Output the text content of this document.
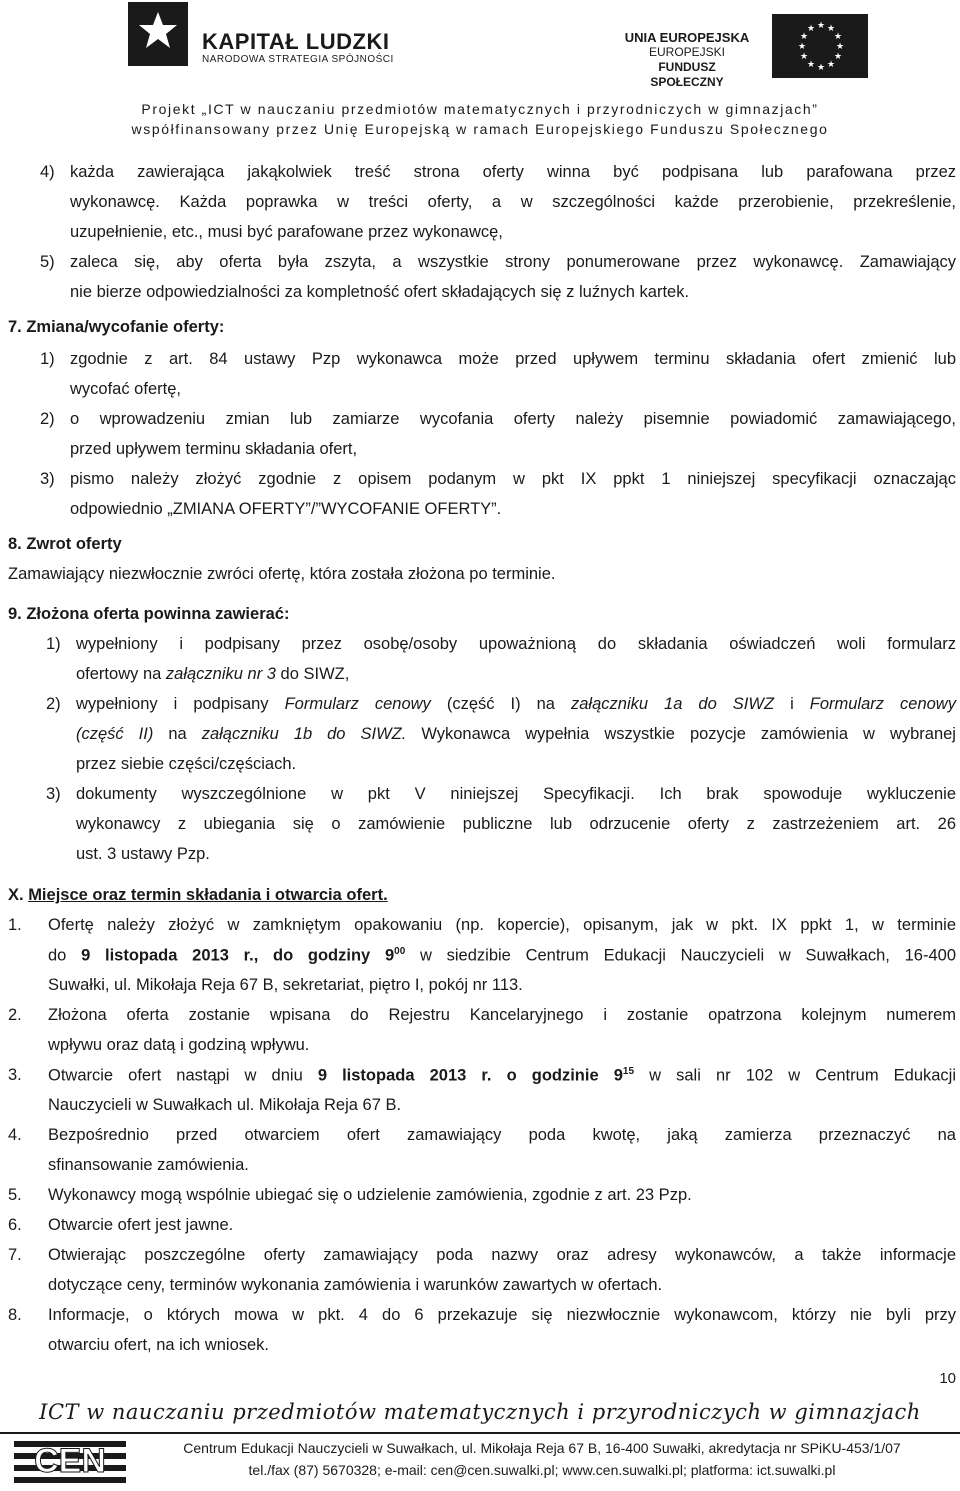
KAPITAŁ LUDZKI
NARODOWA STRATEGIA SPÓJNOŚCI
UNIA EUROPEJSKA
EUROPEJSKI
FUNDUSZ SPOŁECZNY
★ ★
★
★
★
★
★
★
★
★
★
★
Projekt „ICT w nauczaniu przedmiotów matematycznych i przyrodniczych w gimnazjach”
współfinansowany przez Unię Europejską w ramach Europejskiego Funduszu Społecznego
4) każda zawierająca jakąkolwiek treść strona oferty winna być podpisana lub parafowana przez
wykonawcę. Każda poprawka w treści oferty, a w szczególności każde przerobienie, przekreślenie,
uzupełnienie, etc., musi być parafowane przez wykonawcę,
5) zaleca się, aby oferta była zszyta, a wszystkie strony ponumerowane przez wykonawcę. Zamawiający
nie bierze odpowiedzialności za kompletność ofert składających się z luźnych kartek.
7. Zmiana/wycofanie oferty:
1) zgodnie z art. 84 ustawy Pzp wykonawca może przed upływem terminu składania ofert zmienić lub
wycofać ofertę,
2) o wprowadzeniu zmian lub zamiarze wycofania oferty należy pisemnie powiadomić zamawiającego,
przed upływem terminu składania ofert,
3) pismo należy złożyć zgodnie z opisem podanym w pkt IX ppkt 1 niniejszej specyfikacji oznaczając
odpowiednio „ZMIANA OFERTY”/”WYCOFANIE OFERTY”.
8. Zwrot oferty
Zamawiający niezwłocznie zwróci ofertę, która została złożona po terminie.
9. Złożona oferta powinna zawierać:
1) wypełniony i podpisany przez osobę/osoby upoważnioną do składania oświadczeń woli formularz
ofertowy na załączniku nr 3 do SIWZ,
2) wypełniony i podpisany Formularz cenowy (część I) na załączniku 1a do SIWZ i Formularz cenowy
(część II) na załączniku 1b do SIWZ. Wykonawca wypełnia wszystkie pozycje zamówienia w wybranej
przez siebie części/częściach.
3) dokumenty wyszczególnione w pkt V niniejszej Specyfikacji. Ich brak spowoduje wykluczenie
wykonawcy z ubiegania się o zamówienie publiczne lub odrzucenie oferty z zastrzeżeniem art. 26
ust. 3 ustawy Pzp.
X. Miejsce oraz termin składania i otwarcia ofert.
1. Ofertę należy złożyć w zamkniętym opakowaniu (np. kopercie), opisanym, jak w pkt. IX ppkt 1, w terminie
do 9 listopada 2013 r., do godziny $9^{00}$ w siedzibie Centrum Edukacji Nauczycieli w Suwałkach, 16-400
Suwałki, ul. Mikołaja Reja 67 B, sekretariat, piętro I, pokój nr 113.
2. Złożona oferta zostanie wpisana do Rejestru Kancelaryjnego i zostanie opatrzona kolejnym numerem
wpływu oraz datą i godziną wpływu.
3. Otwarcie ofert nastąpi w dniu 9 listopada 2013 r. o godzinie $9^{15}$ w sali nr 102 w Centrum Edukacji
Nauczycieli w Suwałkach ul. Mikołaja Reja 67 B.
4. Bezpośrednio przed otwarciem ofert zamawiający poda kwotę, jaką zamierza przeznaczyć na
sfinansowanie zamówienia.
5. Wykonawcy mogą wspólnie ubiegać się o udzielenie zamówienia, zgodnie z art. 23 Pzp.
6. Otwarcie ofert jest jawne.
7. Otwierając poszczególne oferty zamawiający poda nazwy oraz adresy wykonawców, a także informacje
dotyczące ceny, terminów wykonania zamówienia i warunków zawartych w ofertach.
8. Informacje, o których mowa w pkt. 4 do 6 przekazuje się niezwłocznie wykonawcom, którzy nie byli przy
otwarciu ofert, na ich wniosek.
10
ICT w nauczaniu przedmiotów matematycznych i przyrodniczych w gimnazjach
CEN	Centrum Edukacji Nauczycieli w Suwałkach, ul. Mikołaja Reja 67 B, 16-400 Suwałki, akredytacja nr SPiKU-453/1/07
tel./fax (87) 5670328; e-mail: cen@cen.suwalki.pl; www.cen.suwalki.pl; platforma: ict.suwalki.pl
